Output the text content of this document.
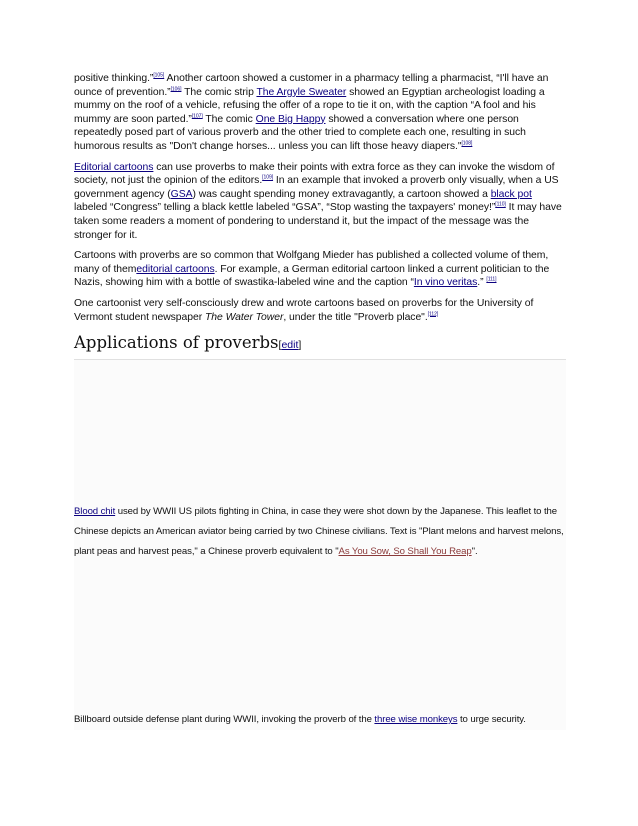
positive thinking.”[105] Another cartoon showed a customer in a pharmacy telling a pharmacist, “I'll have an ounce of prevention.”[106] The comic strip The Argyle Sweater showed an Egyptian archeologist loading a mummy on the roof of a vehicle, refusing the offer of a rope to tie it on, with the caption “A fool and his mummy are soon parted.”[107] The comic One Big Happy showed a conversation where one person repeatedly posed part of various proverb and the other tried to complete each one, resulting in such humorous results as "Don't change horses... unless you can lift those heavy diapers."[108]

Editorial cartoons can use proverbs to make their points with extra force as they can invoke the wisdom of society, not just the opinion of the editors.[109] In an example that invoked a proverb only visually, when a US government agency (GSA) was caught spending money extravagantly, a cartoon showed a black pot labeled “Congress” telling a black kettle labeled “GSA”, “Stop wasting the taxpayers' money!”[110] It may have taken some readers a moment of pondering to understand it, but the impact of the message was the stronger for it.

Cartoons with proverbs are so common that Wolfgang Mieder has published a collected volume of them, many of themeditorial cartoons. For example, a German editorial cartoon linked a current politician to the Nazis, showing him with a bottle of swastika-labeled wine and the caption “In vino veritas.” [111]

One cartoonist very self-consciously drew and wrote cartoons based on proverbs for the University of Vermont student newspaper The Water Tower, under the title "Proverb place".[112]

Applications of proverbs[edit]

Blood chit used by WWII US pilots fighting in China, in case they were shot down by the Japanese. This leaflet to the Chinese depicts an American aviator being carried by two Chinese civilians. Text is "Plant melons and harvest melons, plant peas and harvest peas," a Chinese proverb equivalent to "As You Sow, So Shall You Reap".

Billboard outside defense plant during WWII, invoking the proverb of the three wise monkeys to urge security.
